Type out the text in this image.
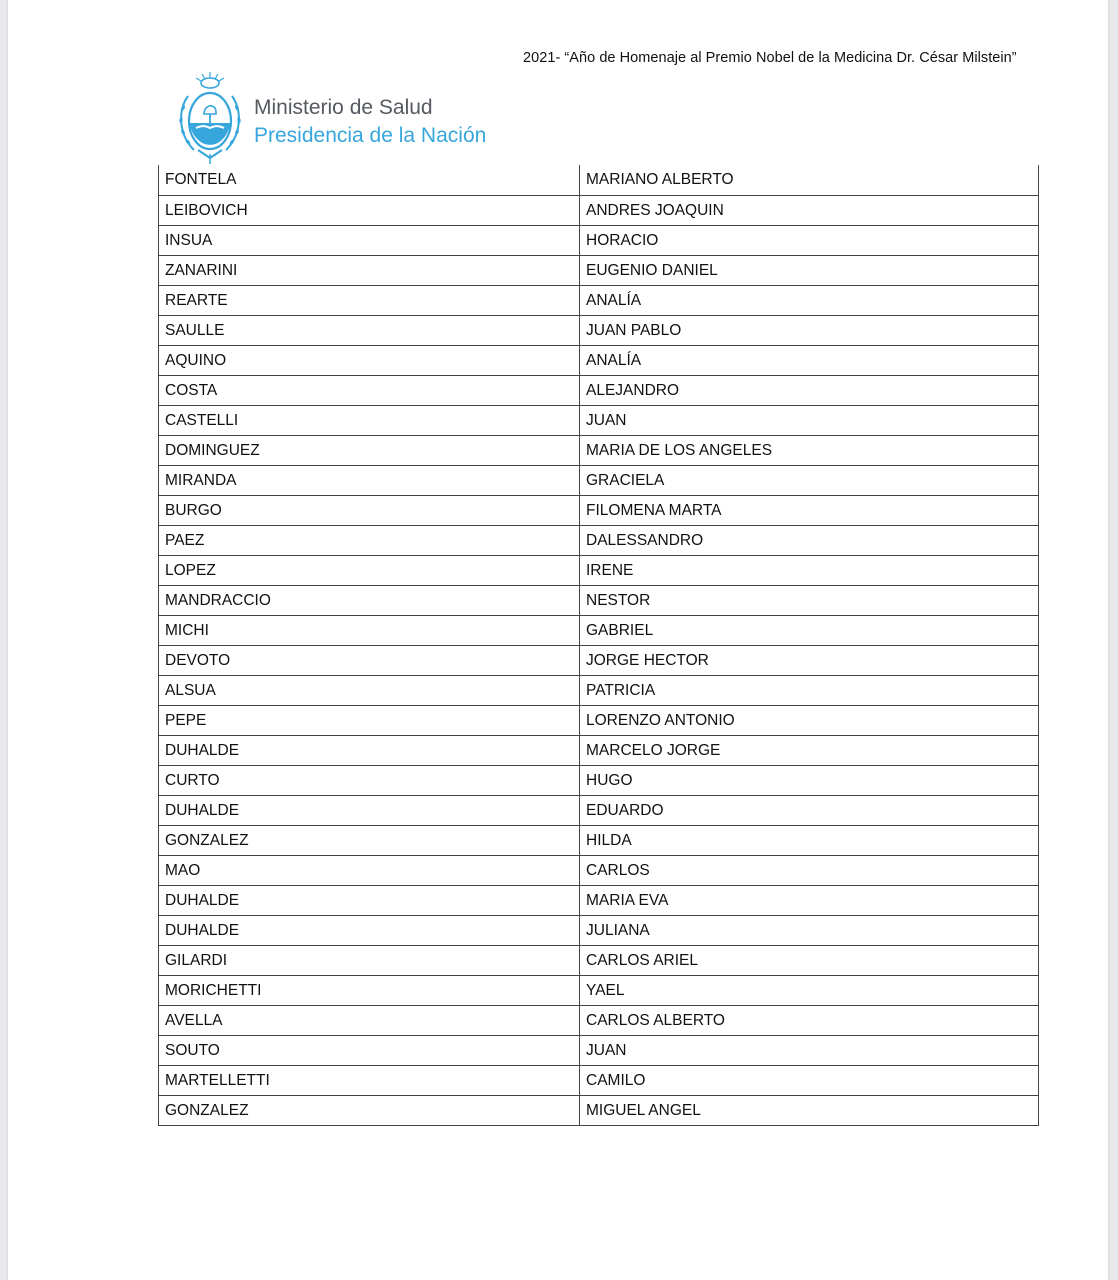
2021- “Año de Homenaje al Premio Nobel de la Medicina Dr. César Milstein”
Ministerio de Salud
Presidencia de la Nación
FONTELA	MARIANO ALBERTO
LEIBOVICH	ANDRES JOAQUIN
INSUA	HORACIO
ZANARINI	EUGENIO DANIEL
REARTE	ANALÍA
SAULLE	JUAN PABLO
AQUINO	ANALÍA
COSTA	ALEJANDRO
CASTELLI	JUAN
DOMINGUEZ	MARIA DE LOS ANGELES
MIRANDA	GRACIELA
BURGO	FILOMENA MARTA
PAEZ	DALESSANDRO
LOPEZ	IRENE
MANDRACCIO	NESTOR
MICHI	GABRIEL
DEVOTO	JORGE HECTOR
ALSUA	PATRICIA
PEPE	LORENZO ANTONIO
DUHALDE	MARCELO JORGE
CURTO	HUGO
DUHALDE	EDUARDO
GONZALEZ	HILDA
MAO	CARLOS
DUHALDE	MARIA EVA
DUHALDE	JULIANA
GILARDI	CARLOS ARIEL
MORICHETTI	YAEL
AVELLA	CARLOS ALBERTO
SOUTO	JUAN
MARTELLETTI	CAMILO
GONZALEZ	MIGUEL ANGEL
